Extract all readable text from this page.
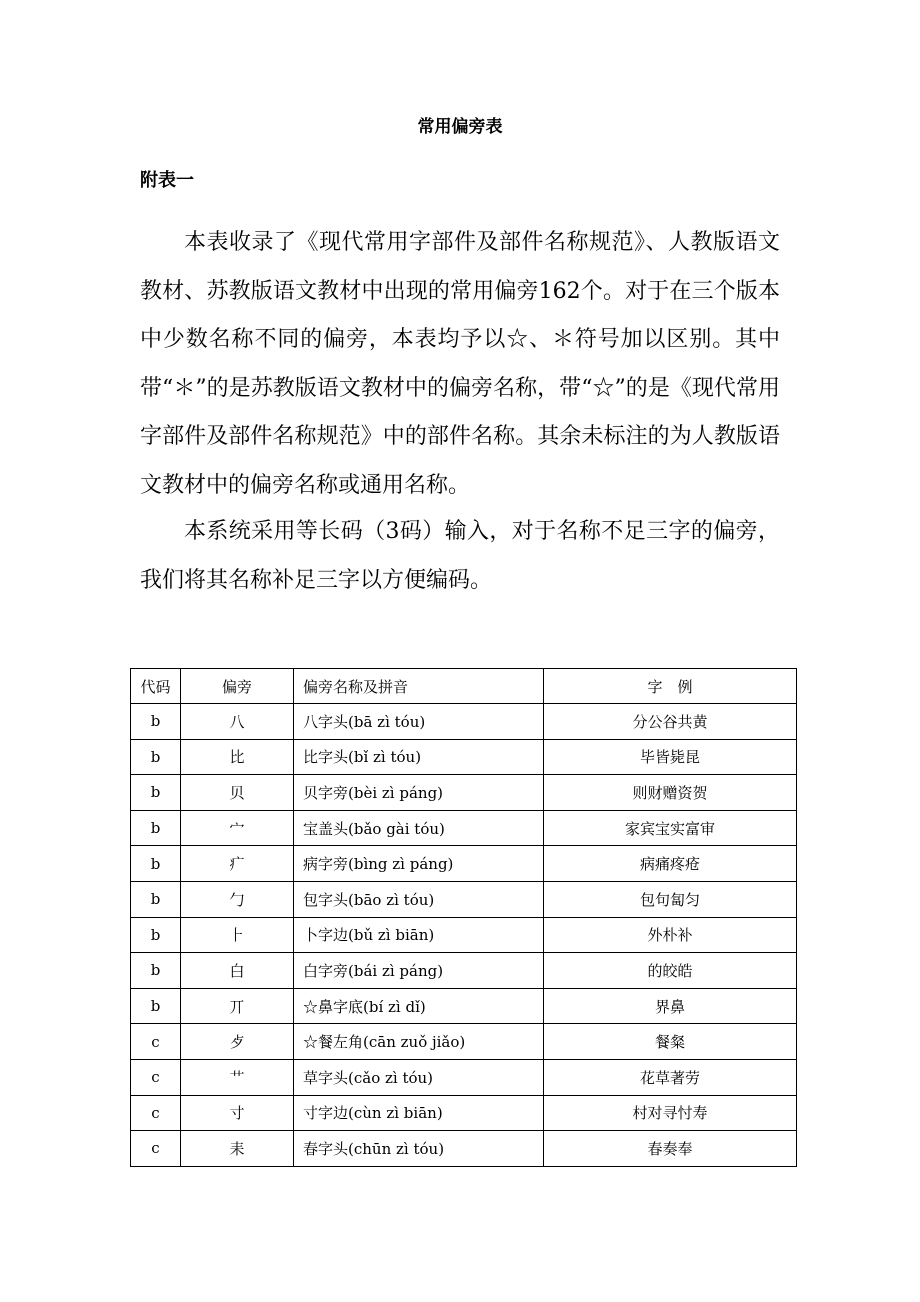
常用偏旁表
附表一

本表收录了《现代常用字部件及部件名称规范》、人教版语文教材、苏教版语文教材中出现的常用偏旁162个。对于在三个版本中少数名称不同的偏旁，本表均予以☆、＊符号加以区别。其中带“＊”的是苏教版语文教材中的偏旁名称，带“☆”的是《现代常用字部件及部件名称规范》中的部件名称。其余未标注的为人教版语文教材中的偏旁名称或通用名称。

本系统采用等长码（3码）输入，对于名称不足三字的偏旁，我们将其名称补足三字以方便编码。

代码	偏旁	偏旁名称及拼音	字　例
b	八	八字头(bā zì tóu)	分公谷共黄
b	比	比字头(bǐ zì tóu)	毕皆毙昆
b	贝	贝字旁(bèi zì páng)	则财赠资贺
b	宀	宝盖头(bǎo gài tóu)	家宾宝实富审
b	疒	病字旁(bìng zì páng)	病痛疼疮
b	勹	包字头(bāo zì tóu)	包句匐匀
b	⺊	卜字边(bǔ zì biān)	外朴补
b	白	白字旁(bái zì páng)	的皎皓
b	丌	☆鼻字底(bí zì dǐ)	界鼻
c	歺	☆餐左角(cān zuǒ jiǎo)	餐粲
c	艹	草字头(cǎo zì tóu)	花草著劳
c	寸	寸字边(cùn zì biān)	村对寻忖寿
c	耒	春字头(chūn zì tóu)	春奏奉
